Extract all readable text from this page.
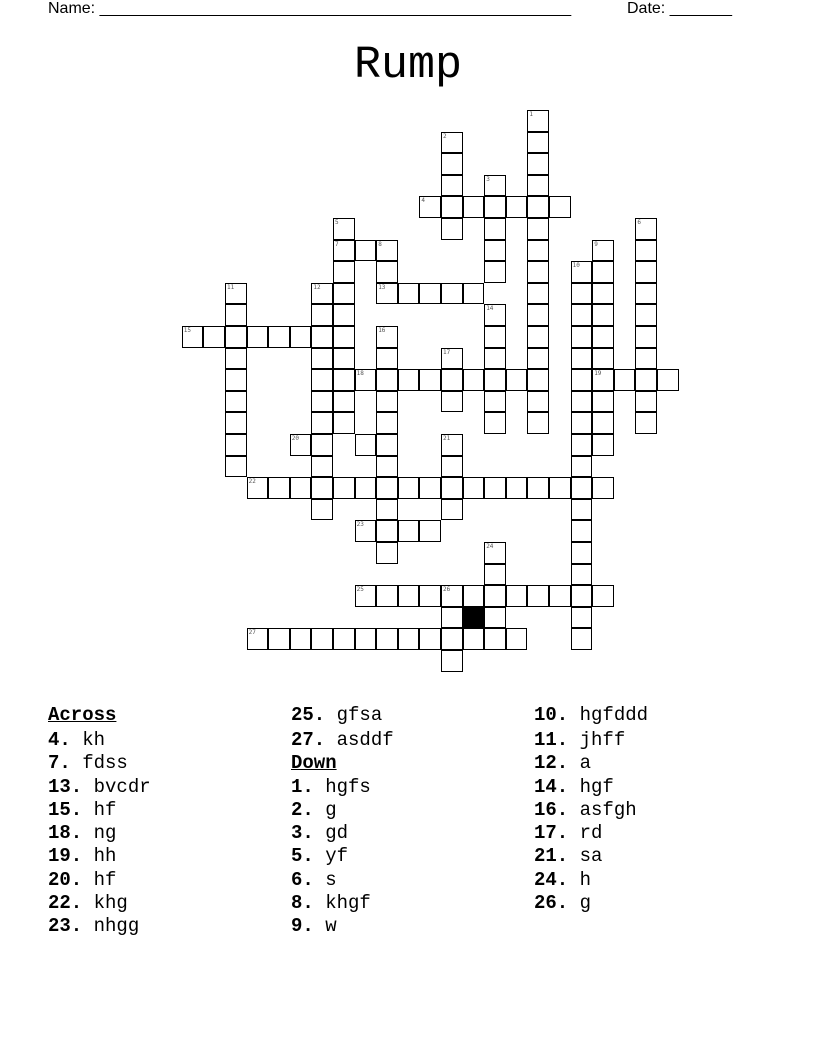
Name: _____________________________________________________	Date: _______
Rump
1
2
3
4
5
7
6
8	9
10
11	12	13
14
15	16
17
18	19
20	21
22
23
24
25	26
27
Across
4. kh
7. fdss
13. bvcdr
15. hf
18. ng
19. hh
20. hf
22. khg
23. nhgg
25. gfsa
27. asddf
Down
1. hgfs
2. g
3. gd
5. yf
6. s
8. khgf
9. w
10. hgfddd
11. jhff
12. a
14. hgf
16. asfgh
17. rd
21. sa
24. h
26. g
